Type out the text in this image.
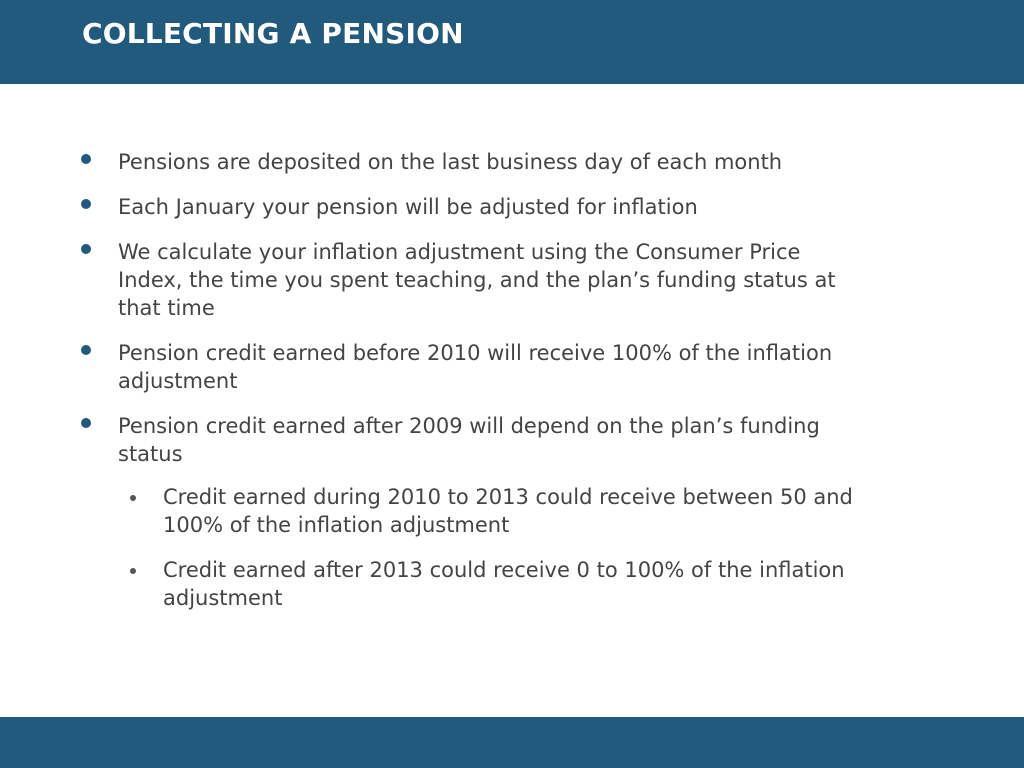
COLLECTING A PENSION
Pensions are deposited on the last business day of each month
Each January your pension will be adjusted for inflation
We calculate your inflation adjustment using the Consumer Price Index, the time you spent teaching, and the plan’s funding status at that time
Pension credit earned before 2010 will receive 100% of the inflation adjustment
Pension credit earned after 2009 will depend on the plan’s funding status
Credit earned during 2010 to 2013 could receive between 50 and 100% of the inflation adjustment
Credit earned after 2013 could receive 0 to 100% of the inflation adjustment
